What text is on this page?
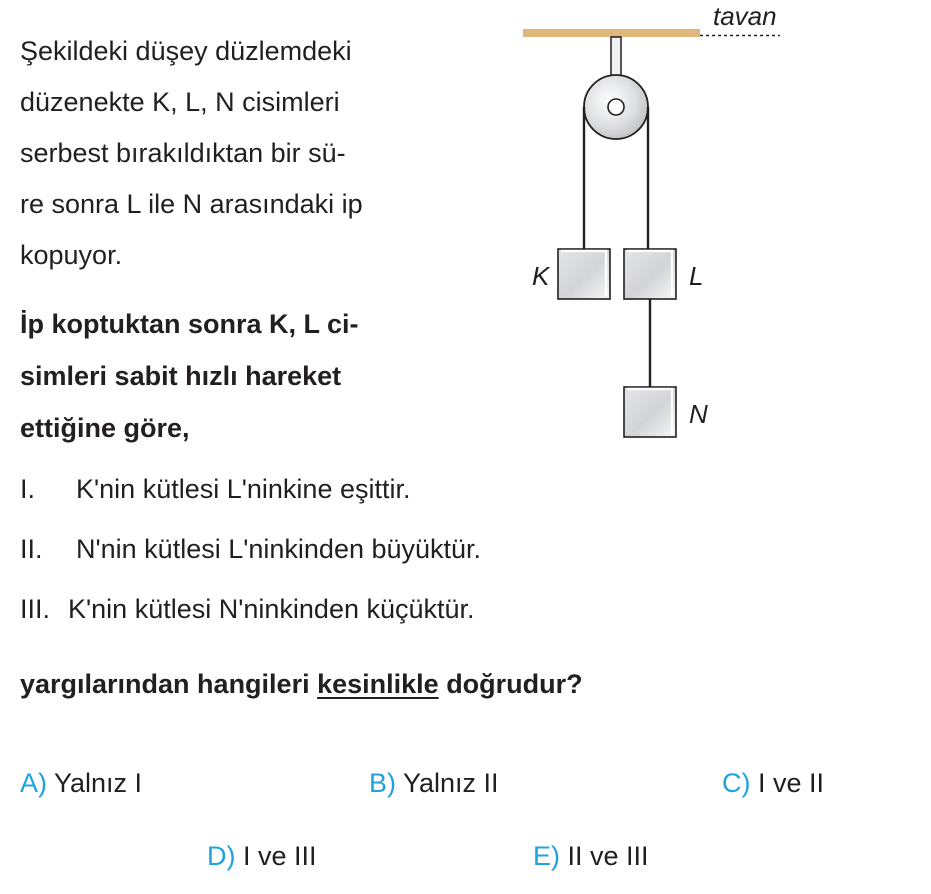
Şekildeki düşey düzlemdeki
düzenekte K, L, N cisimleri
serbest bırakıldıktan bir sü-
re sonra L ile N arasındaki ip
kopuyor.
İp koptuktan sonra K, L ci-
simleri sabit hızlı hareket
ettiğine göre,
tavan
K	L
N
I. K'nin kütlesi L'ninkine eşittir.
II. N'nin kütlesi L'ninkinden büyüktür.
III. K'nin kütlesi N'ninkinden küçüktür.
yargılarından hangileri kesinlikle doğrudur?
A) Yalnız I	B) Yalnız II	C) I ve II
D) I ve III	E) II ve III
